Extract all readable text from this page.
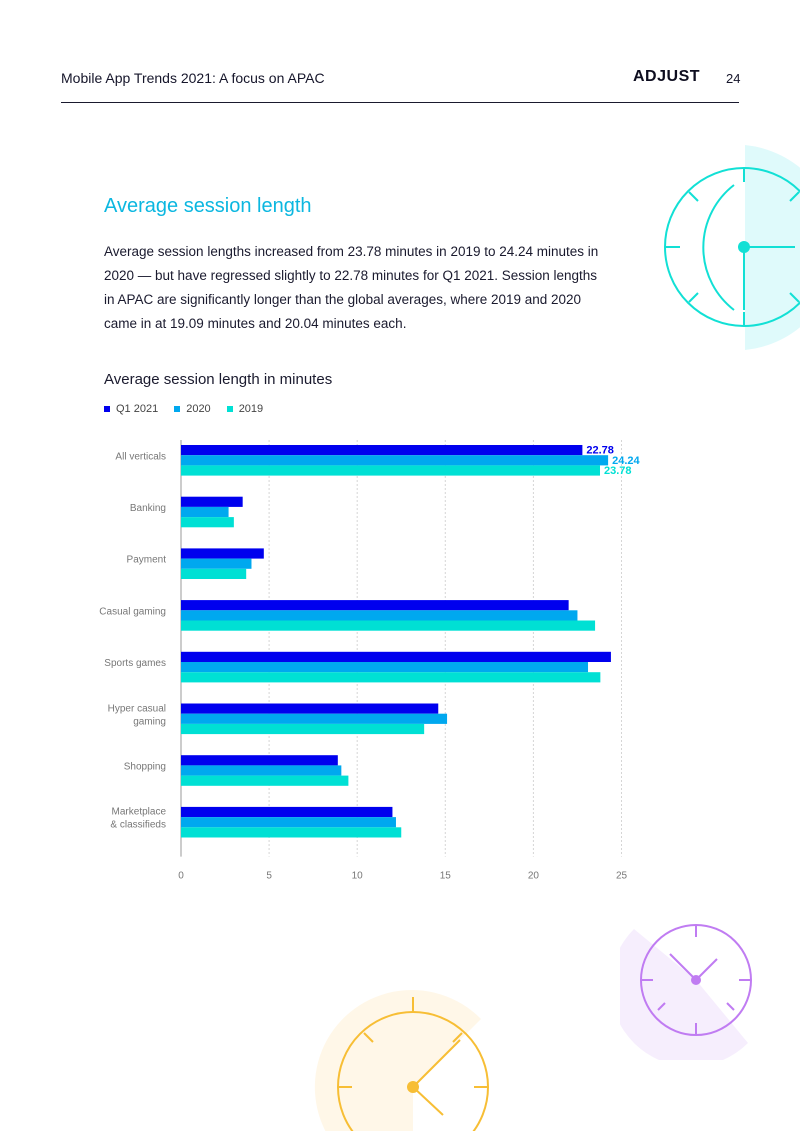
Mobile App Trends 2021: A focus on APAC	ADJUST 24
Average session length
Average session lengths increased from 23.78 minutes in 2019 to 24.24 minutes in 2020 — but have regressed slightly to 22.78 minutes for Q1 2021. Session lengths in APAC are significantly longer than the global averages, where 2019 and 2020 came in at 19.09 minutes and 20.04 minutes each.
Average session length in minutes
Q1 2021	2020	2019
0	5	10	15	20	25
All verticals
Banking
Payment
Casual gaming
Sports games
Hyper casual gaming
Shopping
Marketplace & classifieds
22.78
24.24
23.78
